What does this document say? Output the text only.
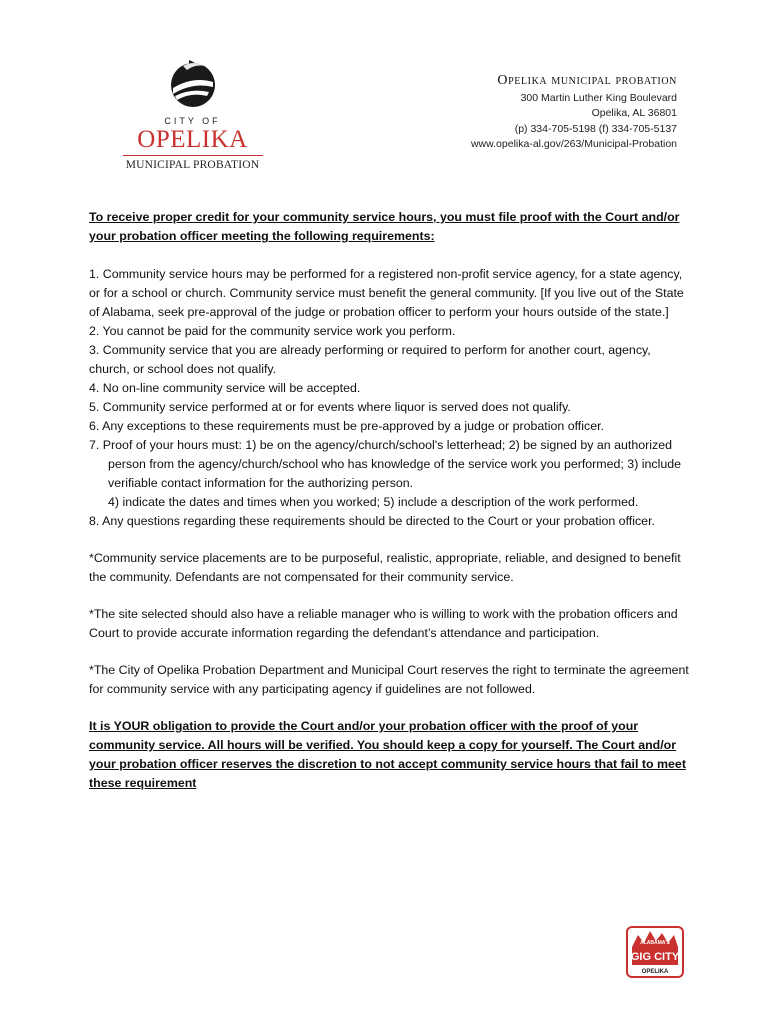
CITY OF
OPELIKA
MUNICIPAL PROBATION
Opelika municipal probation
300 Martin Luther King Boulevard
Opelika, AL 36801
(p) 334-705-5198 (f) 334-705-5137
www.opelika-al.gov/263/Municipal-Probation

To receive proper credit for your community service hours, you must file proof with the Court and/or your probation officer meeting the following requirements:

1. Community service hours may be performed for a registered non-profit service agency, for a state agency, or for a school or church. Community service must benefit the general community. [If you live out of the State of Alabama, seek pre-approval of the judge or probation officer to perform your hours outside of the state.]

2. You cannot be paid for the community service work you perform.

3. Community service that you are already performing or required to perform for another court, agency, church, or school does not qualify.

4. No on-line community service will be accepted.

5. Community service performed at or for events where liquor is served does not qualify.

6. Any exceptions to these requirements must be pre-approved by a judge or probation officer.

7. Proof of your hours must: 1) be on the agency/church/school's letterhead; 2) be signed by an authorized person from the agency/church/school who has knowledge of the service work you performed; 3) include verifiable contact information for the authorizing person.

4) indicate the dates and times when you worked; 5) include a description of the work performed.

8. Any questions regarding these requirements should be directed to the Court or your probation officer.

*Community service placements are to be purposeful, realistic, appropriate, reliable, and designed to benefit the community. Defendants are not compensated for their community service.

*The site selected should also have a reliable manager who is willing to work with the probation officers and Court to provide accurate information regarding the defendant’s attendance and participation.

*The City of Opelika Probation Department and Municipal Court reserves the right to terminate the agreement for community service with any participating agency if guidelines are not followed.

It is YOUR obligation to provide the Court and/or your probation officer with the proof of your community service. All hours will be verified. You should keep a copy for yourself. The Court and/or your probation officer reserves the discretion to not accept community service hours that fail to meet these requirement

ALABAMA'S
GIG CITY
OPELIKA
